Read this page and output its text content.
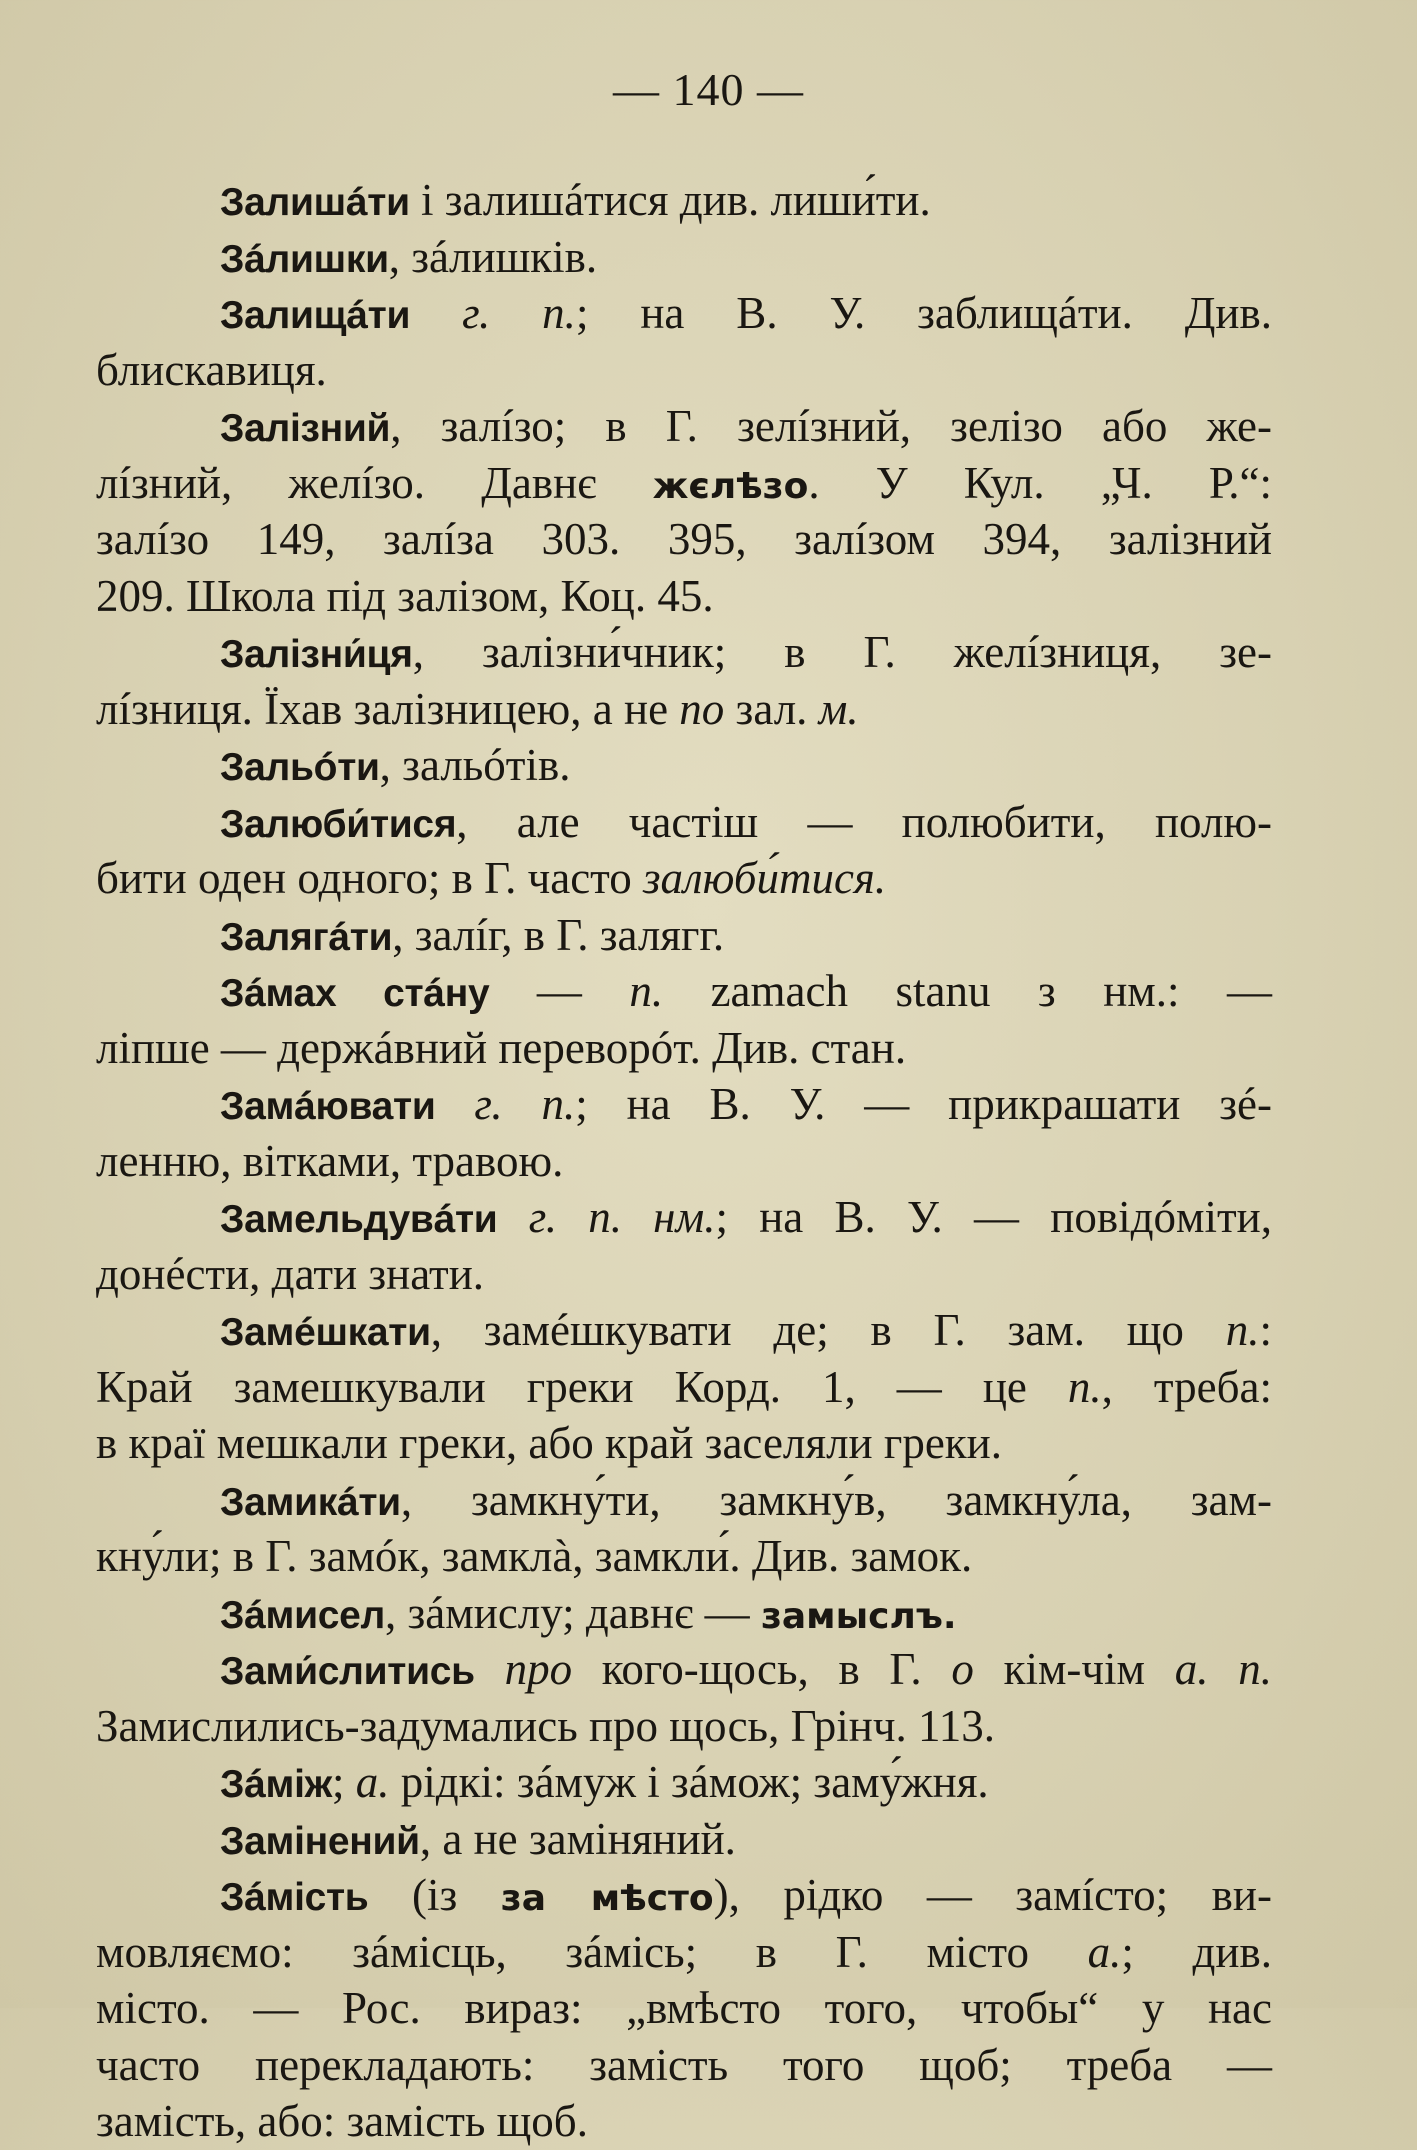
— 140 —
Залишáти і залишáтися див. лиши́ти.
Зáлишки, зáлишків.
Залищáти г. п.; на В. У. заблищáти. Див.
блискавиця.
Залізний, залíзо; в Г. зелíзний, зелізо або же-
лíзний, желíзо. Давнє жєлѣзо. У Кул. „Ч. Р.“:
залíзо 149, залíза 303. 395, залíзом 394, залізний
209. Школа під залізом, Коц. 45.
Залізни́ця, залізни́чник; в Г. желíзниця, зе-
лíзниця. Їхав залізницею, а не по зал. м.
Зальóти, зальóтів.
Залюби́тися, але частіш — полюбити, полю-
бити оден одного; в Г. часто залюби́тися.
Залягáти, залíг, в Г. залягг.
Зáмах стáну — п. zamach stanu з нм.: —
ліпше — держáвний переворóт. Див. стан.
Замáювати г. п.; на В. У. — прикрашати зé-
ленню, вітками, травою.
Замельдувáти г. п. нм.; на В. У. — повідóміти,
донéсти, дати знати.
Замéшкати, замéшкувати де; в Г. зам. що п.:
Край замешкували греки Корд. 1, — це п., треба:
в краї мешкали греки, або край заселяли греки.
Замикáти, замкну́ти, замкну́в, замкну́ла, зам-
кну́ли; в Г. замóк, замклà, замкли́. Див. замок.
Зáмисел, зáмислу; давнє — замыслъ.
Зами́слитись про кого-щось, в Г. о кім-чім а. п.
Замислились-задумались про щось, Грінч. 113.
Зáміж; а. рідкі: зáмуж і зáмож; заму́жня.
Замінений, а не заміняний.
Зáмість (із за мѣсто), рідко — замíсто; ви-
мовляємо: зáмісць, зáмісь; в Г. місто а.; див.
місто. — Рос. вираз: „вмѣсто того, чтобы“ у нас
часто перекладають: замість того щоб; треба —
замість, або: замість щоб.
